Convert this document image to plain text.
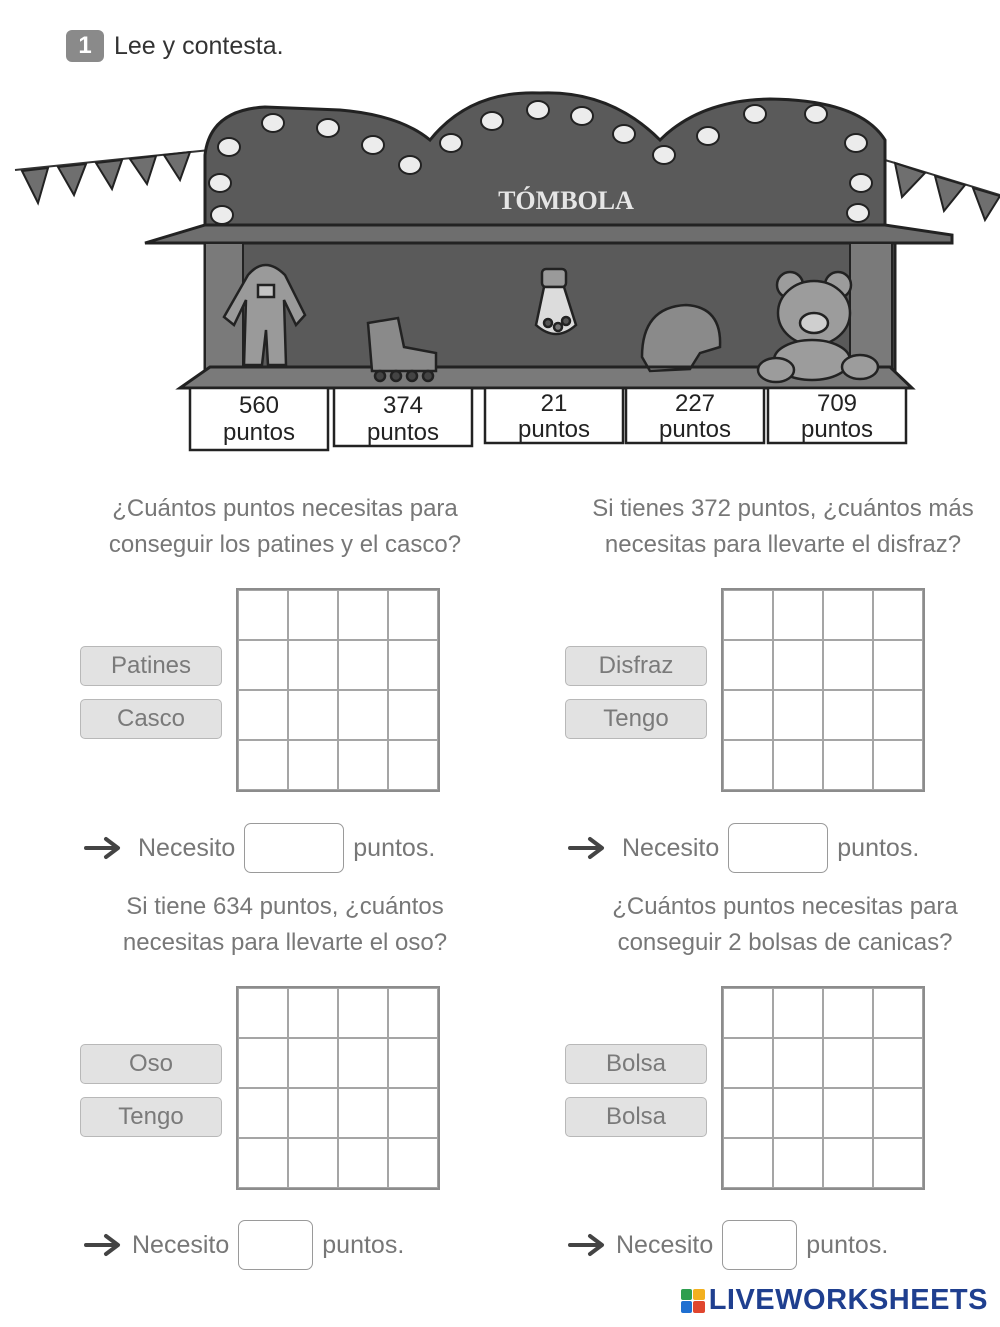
1 Lee y contesta.
TÓMBOLA
560
puntos
374
puntos
21
puntos
227
puntos
709
puntos
¿Cuántos puntos necesitas para
conseguir los patines y el casco?
Patines
Casco
Necesito	puntos.
Si tienes 372 puntos, ¿cuántos más
necesitas para llevarte el disfraz?
Disfraz
Tengo
Necesito	puntos.
Si tiene 634 puntos, ¿cuántos
necesitas para llevarte el oso?
Oso
Tengo
Necesito	puntos.
¿Cuántos puntos necesitas para
conseguir 2 bolsas de canicas?
Bolsa
Bolsa
Necesito	puntos.
LIVEWORKSHEETS
